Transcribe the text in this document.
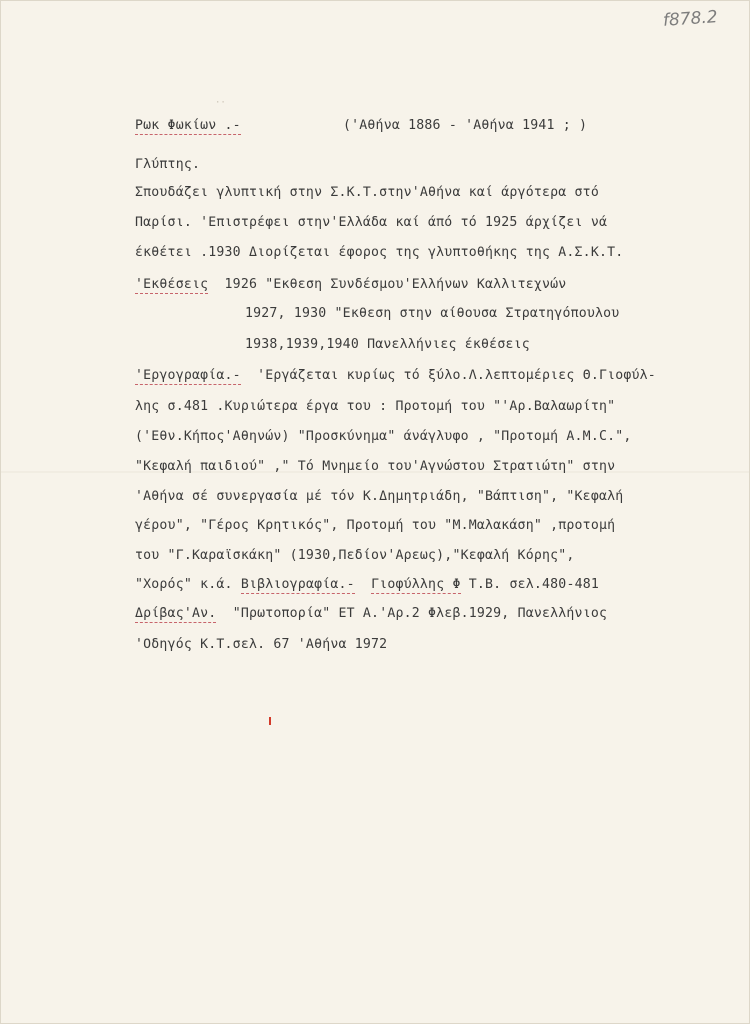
f878.2
··
Ρωκ Φωκίων .-	('Αθήνα 1886 - 'Αθήνα 1941 ; )
Γλύπτης.
Σπουδάζει γλυπτική στην Σ.Κ.Τ.στην'Αθήνα καί άργότερα στό
Παρίσι. 'Επιστρέφει στην'Ελλάδα καί άπό τό 1925 άρχίζει νά
έκθέτει .1930 Διορίζεται έφορος της γλυπτοθήκης της Α.Σ.Κ.Τ.
'Εκθέσεις 1926 "Εκθεση Συνδέσμου'Ελλήνων Καλλιτεχνών
1927, 1930 "Εκθεση στην αίθουσα Στρατηγόπουλου
1938,1939,1940 Πανελλήνιες έκθέσεις
'Εργογραφία.- 'Εργάζεται κυρίως τό ξύλο.Λ.λεπτομέριες Θ.Γιοφύλ-
λης σ.481 .Κυριώτερα έργα του : Προτομή του "'Αρ.Βαλαωρίτη"
('Εθν.Κήπος'Αθηνών) "Προσκύνημα" άνάγλυφο , "Προτομή Α.Μ.C.",
"Κεφαλή παιδιού" ," Τό Μνημείο του'Αγνώστου Στρατιώτη" στην
'Αθήνα σέ συνεργασία μέ τόν Κ.Δημητριάδη, "Βάπτιση", "Κεφαλή
γέρου", "Γέρος Κρητικός", Προτομή του "Μ.Μαλακάση" ,προτομή
του "Γ.Καραϊσκάκη" (1930,Πεδίον'Αρεως),"Κεφαλή Κόρης",
"Χορός" κ.ά. Βιβλιογραφία.- Γιοφύλλης Φ Τ.Β. σελ.480-481
Δρίβας'Αν. "Πρωτοπορία" ΕΤ Α.'Αρ.2 Φλεβ.1929, Πανελλήνιος
'Οδηγός Κ.Τ.σελ. 67 'Αθήνα 1972
